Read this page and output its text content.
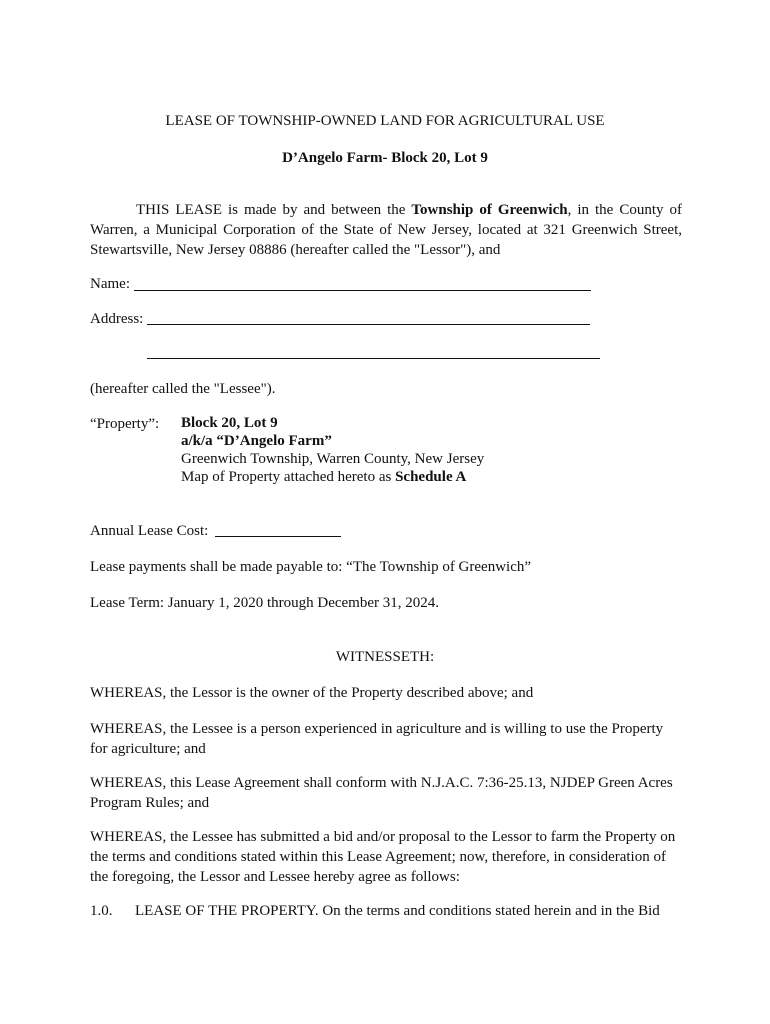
LEASE OF TOWNSHIP-OWNED LAND FOR AGRICULTURAL USE
D’Angelo Farm- Block 20, Lot 9
THIS LEASE is made by and between the Township of Greenwich, in the County of Warren, a Municipal Corporation of the State of New Jersey, located at 321 Greenwich Street, Stewartsville, New Jersey 08886 (hereafter called the "Lessor"), and
Name:
Address:
(hereafter called the "Lessee").
“Property”: Block 20, Lot 9
a/k/a “D’Angelo Farm”
Greenwich Township, Warren County, New Jersey
Map of Property attached hereto as Schedule A
Annual Lease Cost:
Lease payments shall be made payable to: “The Township of Greenwich”
Lease Term: January 1, 2020 through December 31, 2024.
WITNESSETH:
WHEREAS, the Lessor is the owner of the Property described above; and
WHEREAS, the Lessee is a person experienced in agriculture and is willing to use the Property for agriculture; and
WHEREAS, this Lease Agreement shall conform with N.J.A.C. 7:36-25.13, NJDEP Green Acres Program Rules; and
WHEREAS, the Lessee has submitted a bid and/or proposal to the Lessor to farm the Property on the terms and conditions stated within this Lease Agreement; now, therefore, in consideration of the foregoing, the Lessor and Lessee hereby agree as follows:
1.0. LEASE OF THE PROPERTY. On the terms and conditions stated herein and in the Bid
